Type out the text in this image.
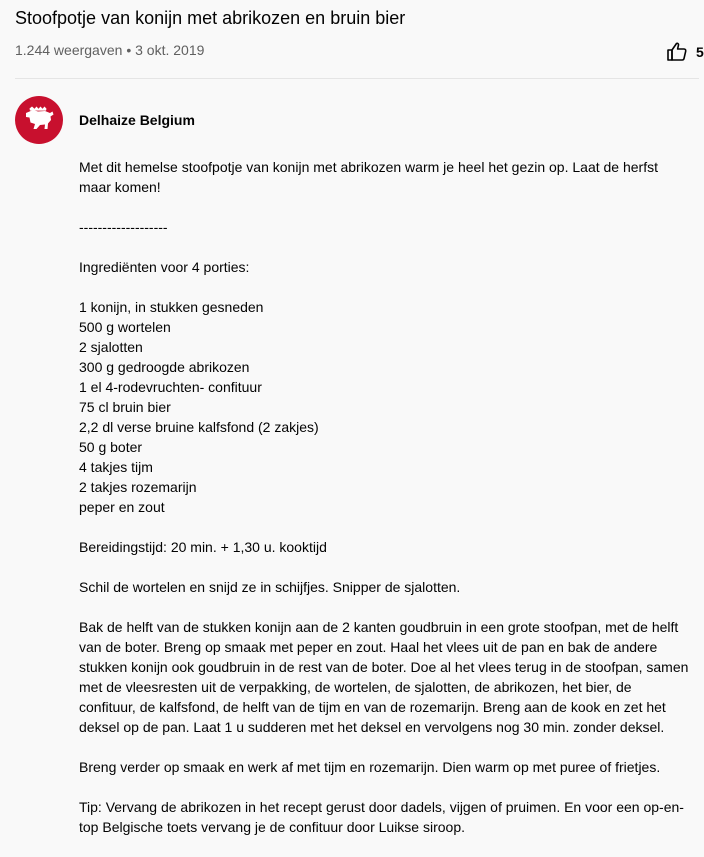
Stoofpotje van konijn met abrikozen en bruin bier
1.244 weergaven • 3 okt. 2019	5
Delhaize Belgium

Met dit hemelse stoofpotje van konijn met abrikozen warm je heel het gezin op. Laat de herfst maar komen!

-------------------

Ingrediënten voor 4 porties:

1 konijn, in stukken gesneden
500 g wortelen
2 sjalotten
300 g gedroogde abrikozen
1 el 4-rodevruchten- confituur
75 cl bruin bier
2,2 dl verse bruine kalfsfond (2 zakjes)
50 g boter
4 takjes tijm
2 takjes rozemarijn
peper en zout

Bereidingstijd: 20 min. + 1,30 u. kooktijd

Schil de wortelen en snijd ze in schijfjes. Snipper de sjalotten.

Bak de helft van de stukken konijn aan de 2 kanten goudbruin in een grote stoofpan, met de helft van de boter. Breng op smaak met peper en zout. Haal het vlees uit de pan en bak de andere stukken konijn ook goudbruin in de rest van de boter. Doe al het vlees terug in de stoofpan, samen met de vleesresten uit de verpakking, de wortelen, de sjalotten, de abrikozen, het bier, de confituur, de kalfsfond, de helft van de tijm en van de rozemarijn. Breng aan de kook en zet het deksel op de pan. Laat 1 u sudderen met het deksel en vervolgens nog 30 min. zonder deksel.

Breng verder op smaak en werk af met tijm en rozemarijn. Dien warm op met puree of frietjes.

Tip: Vervang de abrikozen in het recept gerust door dadels, vijgen of pruimen. En voor een op-en-top Belgische toets vervang je de confituur door Luikse siroop.
